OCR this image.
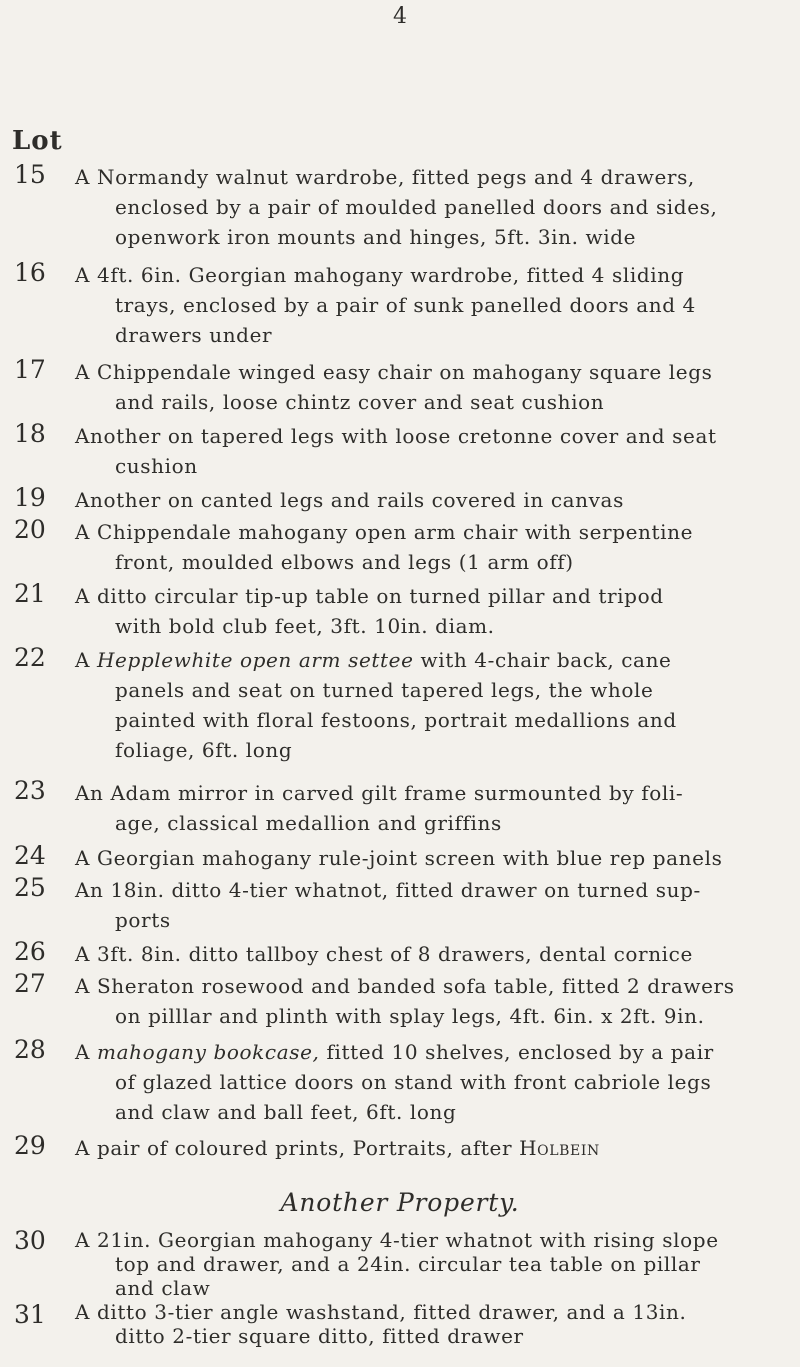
4
Lot
15	A Normandy walnut wardrobe, fitted pegs and 4 drawers,
enclosed by a pair of moulded panelled doors and sides,
openwork iron mounts and hinges, 5ft. 3in. wide
16	A 4ft. 6in. Georgian mahogany wardrobe, fitted 4 sliding
trays, enclosed by a pair of sunk panelled doors and 4
drawers under
17	A Chippendale winged easy chair on mahogany square legs
and rails, loose chintz cover and seat cushion
18	Another on tapered legs with loose cretonne cover and seat
cushion
19	Another on canted legs and rails covered in canvas
20	A Chippendale mahogany open arm chair with serpentine
front, moulded elbows and legs (1 arm off)
21	A ditto circular tip-up table on turned pillar and tripod
with bold club feet, 3ft. 10in. diam.
22	A Hepplewhite open arm settee with 4-chair back, cane
panels and seat on turned tapered legs, the whole
painted with floral festoons, portrait medallions and
foliage, 6ft. long
23	An Adam mirror in carved gilt frame surmounted by foli-
age, classical medallion and griffins
24	A Georgian mahogany rule-joint screen with blue rep panels
25	An 18in. ditto 4-tier whatnot, fitted drawer on turned sup-
ports
26	A 3ft. 8in. ditto tallboy chest of 8 drawers, dental cornice
27	A Sheraton rosewood and banded sofa table, fitted 2 drawers
on pilllar and plinth with splay legs, 4ft. 6in. x 2ft. 9in.
28	A mahogany bookcase, fitted 10 shelves, enclosed by a pair
of glazed lattice doors on stand with front cabriole legs
and claw and ball feet, 6ft. long
29	A pair of coloured prints, Portraits, after Holbein
Another Property.
30	A 21in. Georgian mahogany 4-tier whatnot with rising slope
top and drawer, and a 24in. circular tea table on pillar
and claw
31	A ditto 3-tier angle washstand, fitted drawer, and a 13in.
ditto 2-tier square ditto, fitted drawer
